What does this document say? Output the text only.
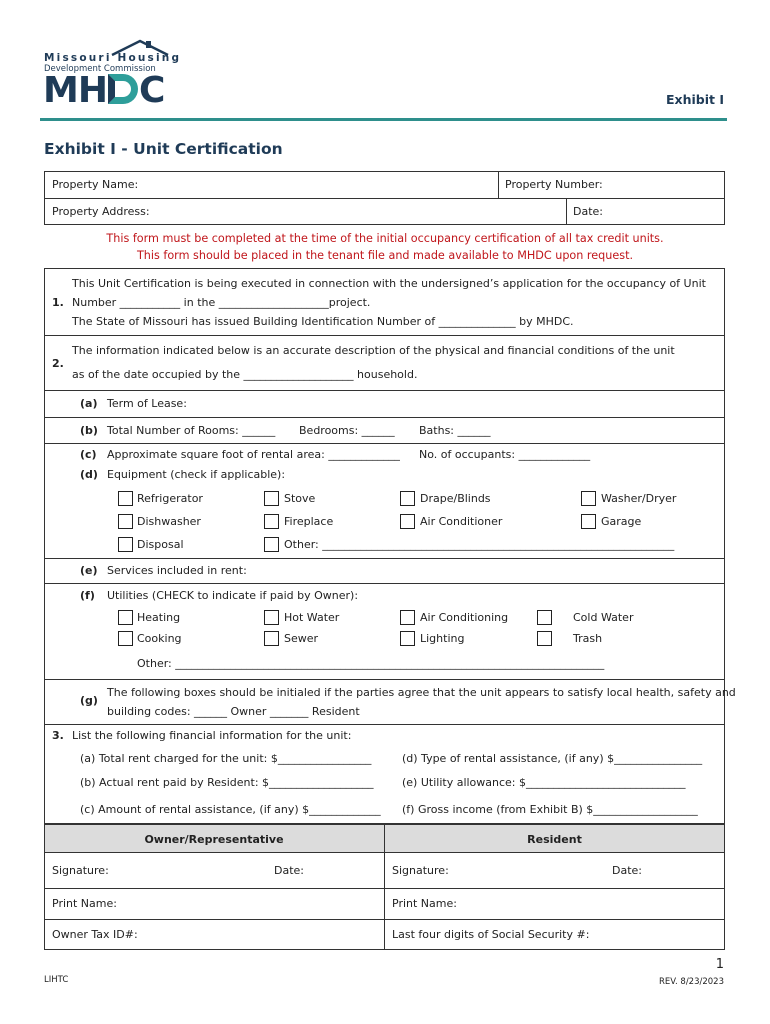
Missouri Housing
Development Commission
MH C	Exhibit I
Exhibit I - Unit Certification
Property Name:	Property Number:
Property Address:	Date:
This form must be completed at the time of the initial occupancy certification of all tax credit units.
This form should be placed in the tenant file and made available to MHDC upon request.
1.
This Unit Certification is being executed in connection with the undersigned’s application for the occupancy of Unit
Number ___________ in the ____________________project.
The State of Missouri has issued Building Identification Number of ______________ by MHDC.
2.
The information indicated below is an accurate description of the physical and financial conditions of the unit
as of the date occupied by the ____________________ household.
(a) Term of Lease:
(b) Total Number of Rooms: ______ Bedrooms: ______ Baths: ______
(c) Approximate square foot of rental area: _____________ No. of occupants: _____________
(d) Equipment (check if applicable):
Refrigerator	Stove	Drape/Blinds	Washer/Dryer
Dishwasher	Fireplace	Air Conditioner	Garage
Disposal	Other: ________________________________________________________________
(e) Services included in rent:
(f) Utilities (CHECK to indicate if paid by Owner):
Heating	Hot Water	Air Conditioning	Cold Water
Cooking	Sewer	Lighting	Trash
Other: ______________________________________________________________________________
(g)
The following boxes should be initialed if the parties agree that the unit appears to satisfy local health, safety and
building codes: ______ Owner _______ Resident
3. List the following financial information for the unit:
(a) Total rent charged for the unit: $_________________	(d) Type of rental assistance, (if any) $________________
(b) Actual rent paid by Resident: $___________________	(e) Utility allowance: $_____________________________
(c) Amount of rental assistance, (if any) $_____________ (f) Gross income (from Exhibit B) $___________________
Owner/Representative	Resident
Signature:	Date:	Signature:	Date:
Print Name:	Print Name:
Owner Tax ID#:	Last four digits of Social Security #:
LIHTC
1
REV. 8/23/2023
